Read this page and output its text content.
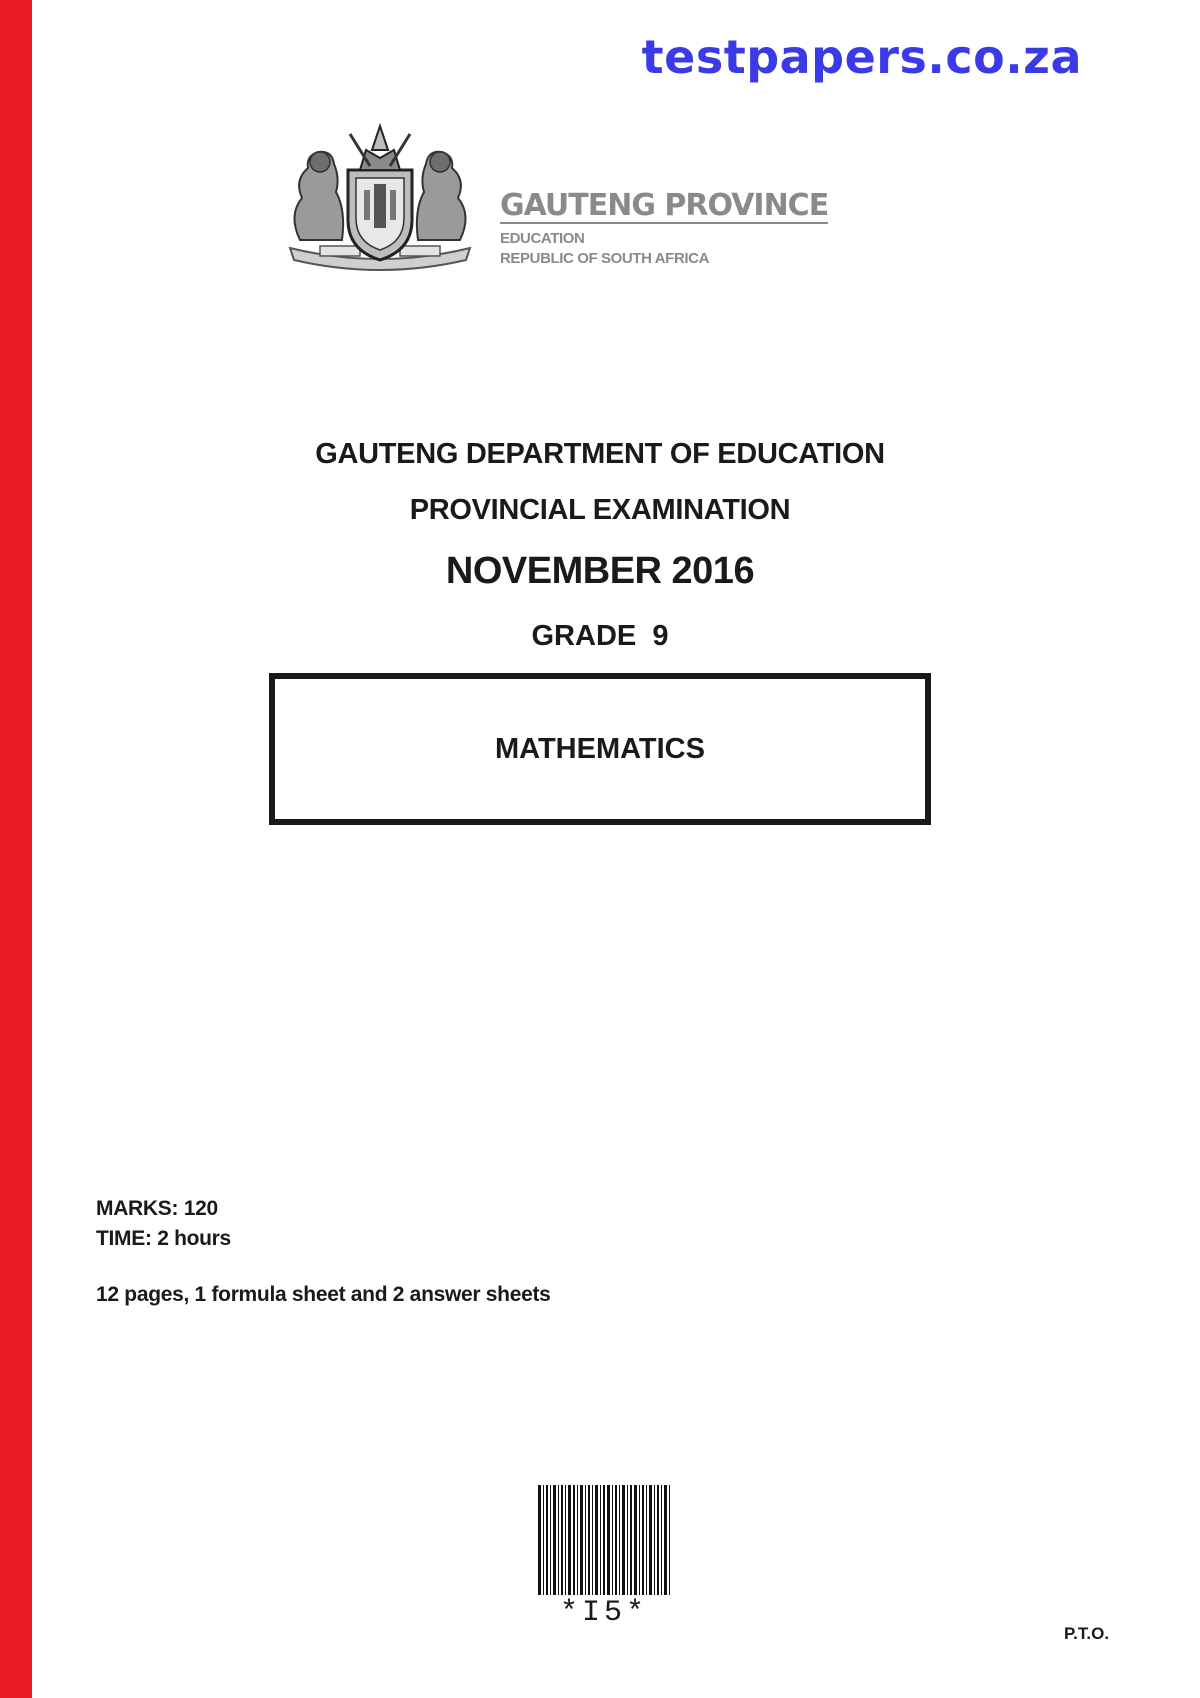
testpapers.co.za
GAUTENG PROVINCE
EDUCATION
REPUBLIC OF SOUTH AFRICA
GAUTENG DEPARTMENT OF EDUCATION
PROVINCIAL EXAMINATION
NOVEMBER 2016
GRADE  9
MATHEMATICS
MARKS: 120
TIME: 2 hours
12 pages, 1 formula sheet and 2 answer sheets
*I5*
P.T.O.
